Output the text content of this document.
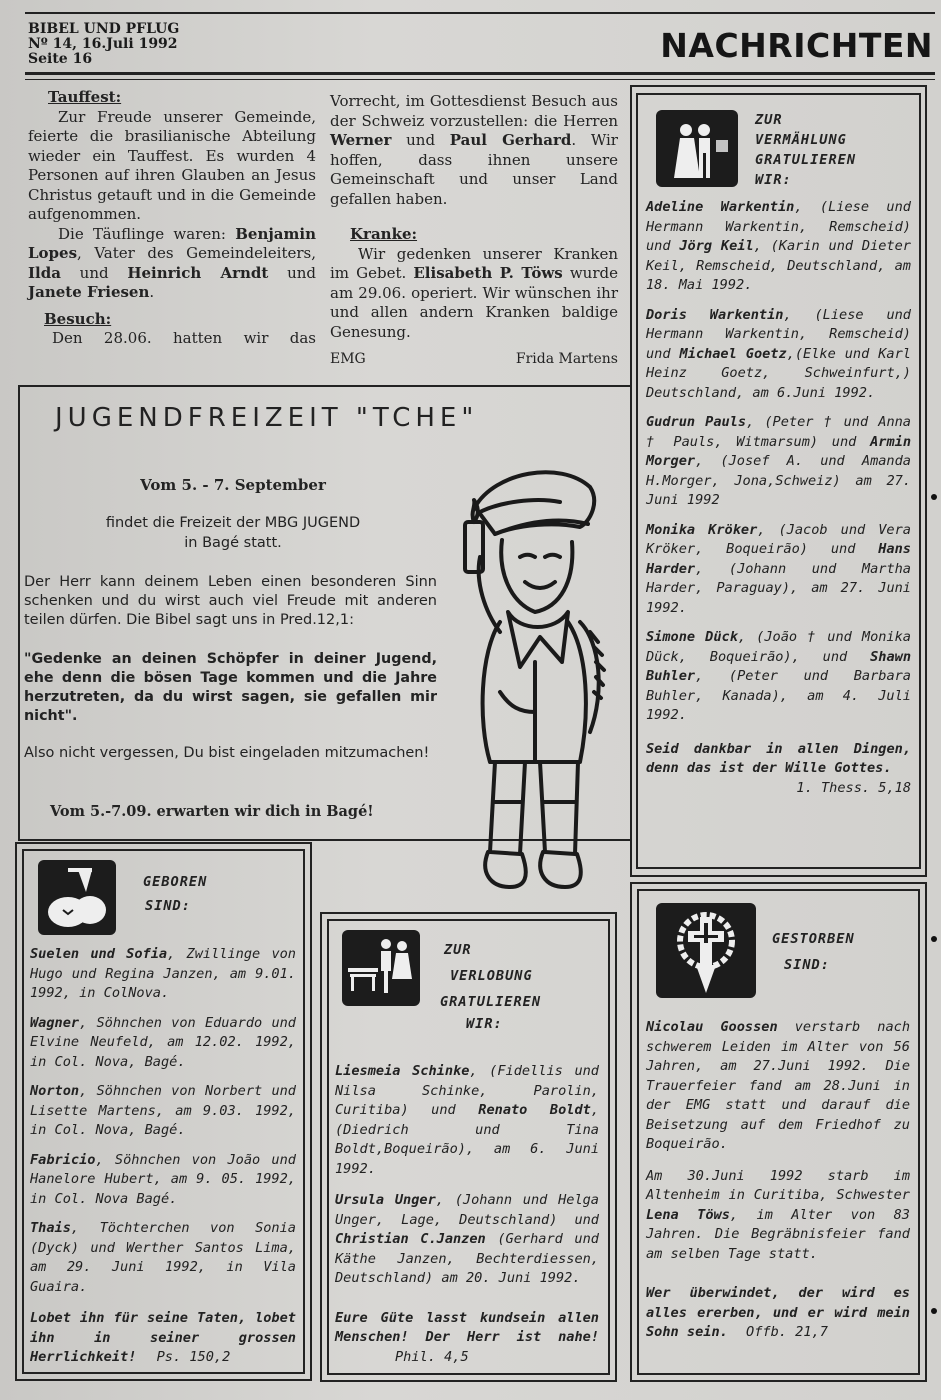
BIBEL UND PFLUG
Nº 14, 16.Juli 1992
Seite 16	NACHRICHTEN
Tauffest:
Zur Freude unserer Gemeinde, feierte die brasilianische Abteilung wieder ein Tauffest. Es wurden 4 Personen auf ihren Glauben an Jesus Christus getauft und in die Gemeinde aufgenommen.
Die Täuflinge waren: Benjamin Lopes, Vater des Gemeindeleiters, Ilda und Heinrich Arndt und Janete Friesen.
Besuch:
Den 28.06. hatten wir das
Vorrecht, im Gottesdienst Besuch aus der Schweiz vorzustellen: die Herren Werner und Paul Gerhard. Wir hoffen, dass ihnen unsere Gemeinschaft und unser Land gefallen haben.
Kranke:
Wir gedenken unserer Kranken im Gebet. Elisabeth P. Töws wurde am 29.06. operiert. Wir wünschen ihr und allen andern Kranken baldige Genesung.
EMG	Frida Martens
JUGENDFREIZEIT "TCHE"
Vom 5. - 7. September
findet die Freizeit der MBG JUGEND
in Bagé statt.
Der Herr kann deinem Leben einen besonderen Sinn schenken und du wirst auch viel Freude mit anderen teilen dürfen. Die Bibel sagt uns in Pred.12,1:
"Gedenke an deinen Schöpfer in deiner Jugend, ehe denn die bösen Tage kommen und die Jahre herzutreten, da du wirst sagen, sie gefallen mir nicht".
Also nicht vergessen, Du bist eingeladen mitzumachen!
Vom 5.-7.09. erwarten wir dich in Bagé!
ZUR
VERMÄHLUNG
GRATULIEREN
WIR:
Adeline Warkentin, (Liese und Hermann Warkentin, Remscheid) und Jörg Keil, (Karin und Dieter Keil, Remscheid, Deutschland, am 18. Mai 1992.
Doris Warkentin, (Liese und Hermann Warkentin, Remscheid) und Michael Goetz,(Elke und Karl Heinz Goetz, Schweinfurt,) Deutschland, am 6.Juni 1992.
Gudrun Pauls, (Peter † und Anna † Pauls, Witmarsum) und Armin Morger, (Josef A. und Amanda H.Morger, Jona,Schweiz) am 27. Juni 1992
Monika Kröker, (Jacob und Vera Kröker, Boqueirão) und Hans Harder, (Johann und Martha Harder, Paraguay), am 27. Juni 1992.
Simone Dück, (João † und Monika Dück, Boqueirão), und Shawn Buhler, (Peter und Barbara Buhler, Kanada), am 4. Juli 1992.
Seid dankbar in allen Dingen, denn das ist der Wille Gottes.
1. Thess. 5,18
GEBOREN
SIND:
Suelen und Sofia, Zwillinge von Hugo und Regina Janzen, am 9.01. 1992, in ColNova.
Wagner, Söhnchen von Eduardo und Elvine Neufeld, am 12.02. 1992, in Col. Nova, Bagé.
Norton, Söhnchen von Norbert und Lisette Martens, am 9.03. 1992, in Col. Nova, Bagé.
Fabricio, Söhnchen von João und Hanelore Hubert, am 9. 05. 1992, in Col. Nova Bagé.
Thais, Töchterchen von Sonia (Dyck) und Werther Santos Lima, am 29. Juni 1992, in Vila Guaira.
Lobet ihn für seine Taten, lobet ihn in seiner grossen Herrlichkeit! Ps. 150,2
ZUR
VERLOBUNG
GRATULIEREN
WIR:
Liesmeia Schinke, (Fidellis und Nilsa Schinke, Parolin, Curitiba) und Renato Boldt, (Diedrich und Tina Boldt,Boqueirão), am 6. Juni 1992.
Ursula Unger, (Johann und Helga Unger, Lage, Deutschland) und Christian C.Janzen (Gerhard und Käthe Janzen, Bechterdiessen, Deutschland) am 20. Juni 1992.
Eure Güte lasst kundsein allen Menschen! Der Herr ist nahe! Phil. 4,5
GESTORBEN
SIND:
Nicolau Goossen verstarb nach schwerem Leiden im Alter von 56 Jahren, am 27.Juni 1992. Die Trauerfeier fand am 28.Juni in der EMG statt und darauf die Beisetzung auf dem Friedhof zu Boqueirão.
Am 30.Juni 1992 starb im Altenheim in Curitiba, Schwester Lena Töws, im Alter von 83 Jahren. Die Begräbnisfeier fand am selben Tage statt.
Wer überwindet, der wird es alles ererben, und er wird mein Sohn sein. Offb. 21,7
